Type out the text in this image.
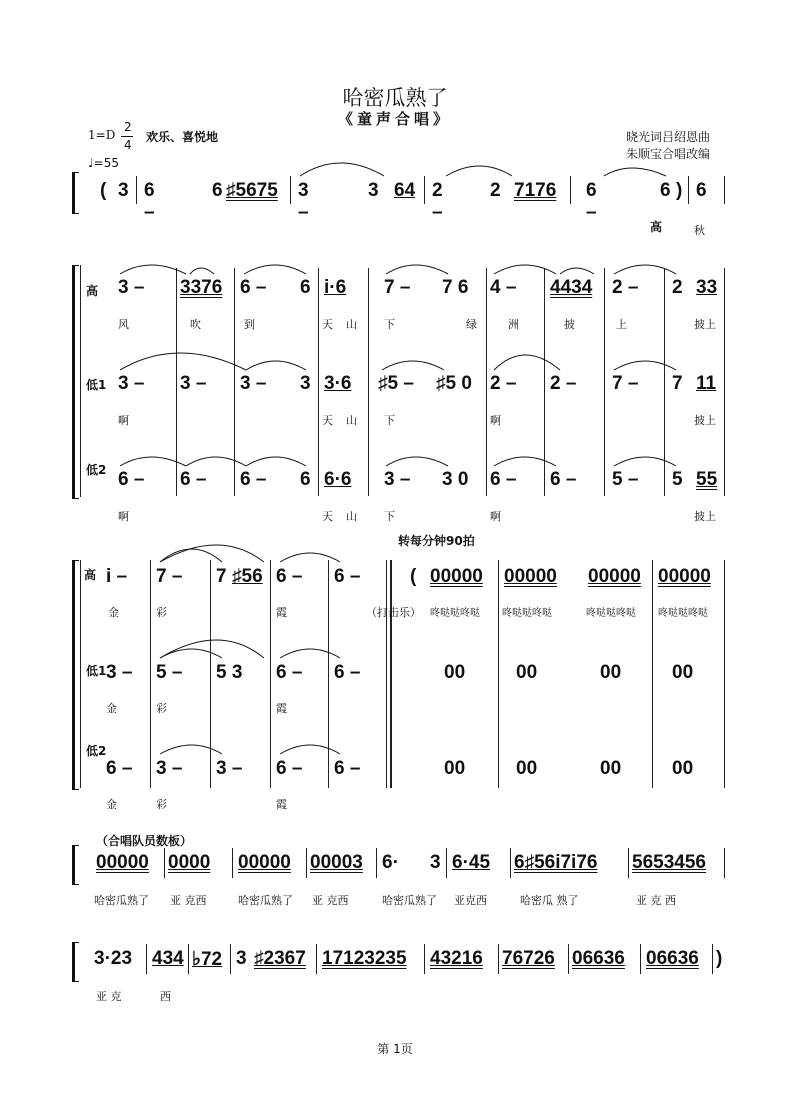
哈密瓜熟了
《童声合唱》
1=D
2
4
欢乐、喜悦地
♩=55
晓光词吕绍恩曲
朱顺宝合唱改编
( 3 6 –
6 ♯5675 3 –
3 64 2 –
2 7176 6 –
6 ) 6
高	秋
高
低1
低2
3 – 3376 6 – 6 i·6 7 – 7 6 4 – 4434 2 – 2 33
风	吹	到	天 山 下	绿	洲	披	上	披上
3 – 3 – 3 – 3 3·6 ♯5 – ♯5 0 2 – 2 – 7 – 7 11
啊	天 山 下	啊	披上
6 – 6 – 6 – 6 6·6 3 – 3 0 6 – 6 – 5 – 5 55
啊	天 山 下	啊	披上
转每分钟90拍
高
低1
低2
i – 7 – 7 ♯56 6 – 6 –	( 00000 00000 00000 00000
金	彩	霞	（打击乐） 咚哒哒咚哒 咚哒哒咚哒	咚哒哒咚哒 咚哒哒咚哒
3 – 5 – 5 3 6 – 6 –	00	00	00	00
金	彩	霞
6 – 3 – 3 – 6 – 6 –	00	00	00	00
金	彩	霞
（合唱队员数板）
00000 0000 00000 00003 6· 3 6·45 6♯56i7i76 5653456
哈密瓜熟了 亚 克西	哈密瓜熟了 亚 克西	哈密瓜熟了 亚克西	哈密瓜 熟了	亚 克 西
3·23 434 ♭72 3 ♯2367 17123235 43216 76726 06636 06636 )
亚 克	西
第 1页
